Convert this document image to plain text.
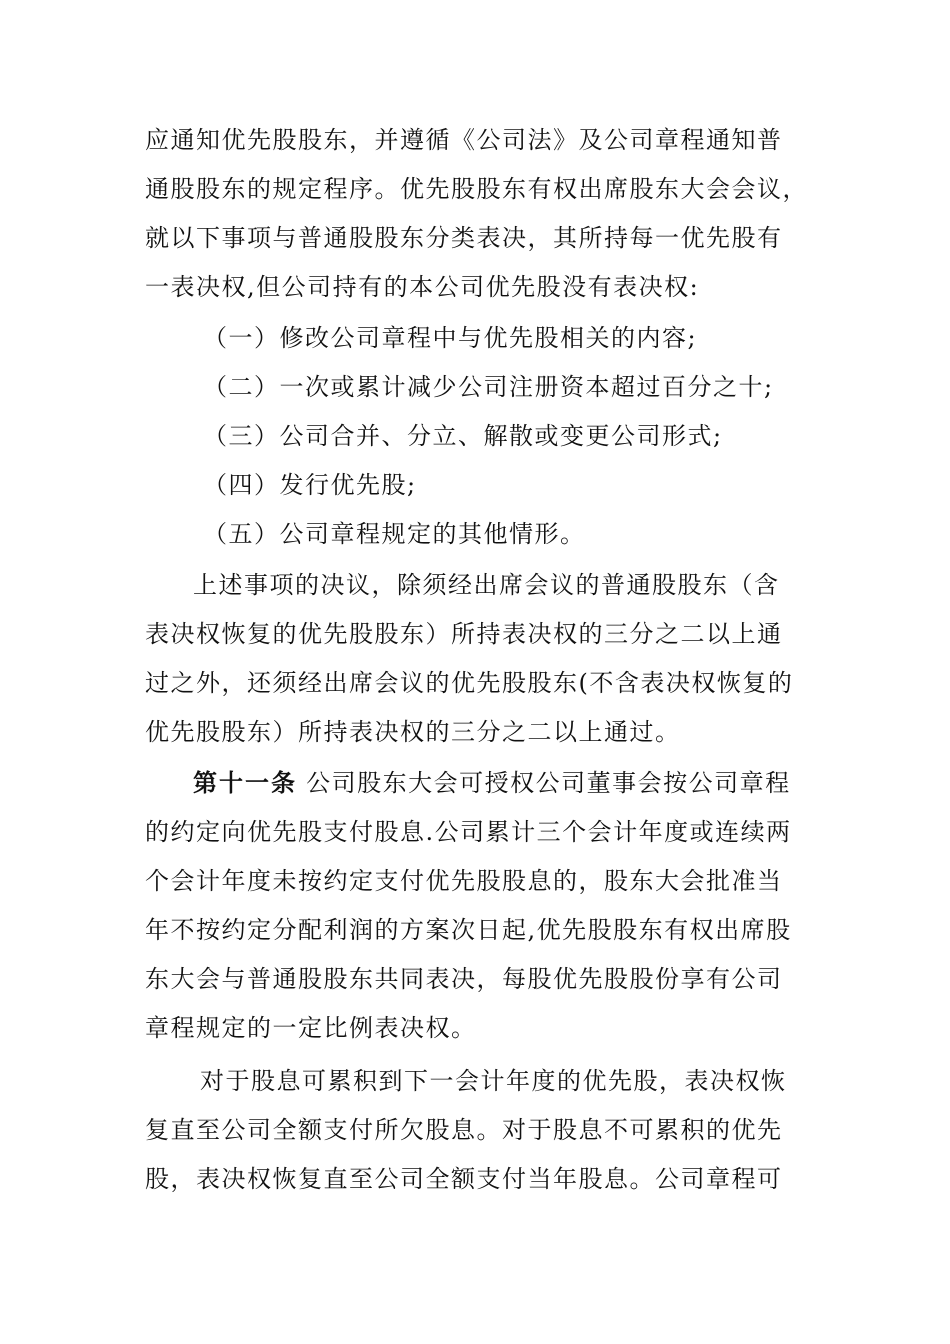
应通知优先股股东，并遵循《公司法》及公司章程通知普
通股股东的规定程序。优先股股东有权出席股东大会会议，
就以下事项与普通股股东分类表决，其所持每一优先股有
一表决权,但公司持有的本公司优先股没有表决权:
（一）修改公司章程中与优先股相关的内容;
（二）一次或累计减少公司注册资本超过百分之十;
（三）公司合并、分立、解散或变更公司形式;
（四）发行优先股;
（五）公司章程规定的其他情形。
上述事项的决议，除须经出席会议的普通股股东（含
表决权恢复的优先股股东）所持表决权的三分之二以上通
过之外，还须经出席会议的优先股股东(不含表决权恢复的
优先股股东）所持表决权的三分之二以上通过。
第十一条 公司股东大会可授权公司董事会按公司章程
的约定向优先股支付股息.公司累计三个会计年度或连续两
个会计年度未按约定支付优先股股息的，股东大会批准当
年不按约定分配利润的方案次日起,优先股股东有权出席股
东大会与普通股股东共同表决，每股优先股股份享有公司
章程规定的一定比例表决权。
对于股息可累积到下一会计年度的优先股，表决权恢
复直至公司全额支付所欠股息。对于股息不可累积的优先
股，表决权恢复直至公司全额支付当年股息。公司章程可
